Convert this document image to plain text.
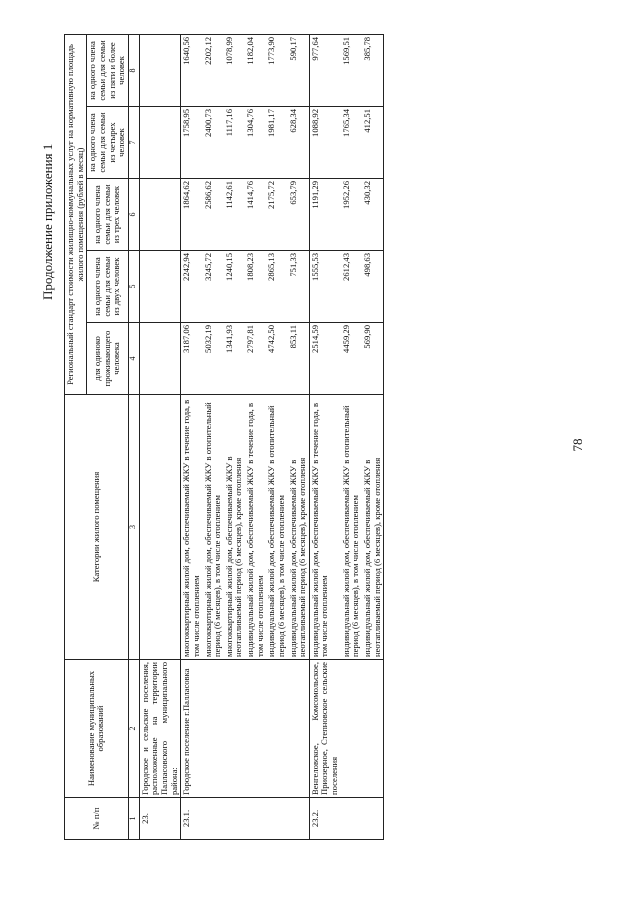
Продолжение приложения 1
№ п/п	Наименование муниципальных образований	Категории жилого помещения	Региональный стандарт стоимости жилищно-коммунальных услуг на нормативную площадь жилого помещения (рублей в месяц)				
			для одиноко проживающего человека	на одного члена семьи для семьи из двух человек	на одного члена семьи для семьи из трех человек	на одного члена семьи для семьи из четырех человек	на одного члена семьи для семьи из пяти и более человек
1	2	3	4	5	6	7	8
23.	Городское и сельские поселения, расположенные на территории Палласовского муниципального района:						
23.1.	Городское поселение г.Палласовка	многоквартирный жилой дом, обеспечиваемый ЖКУ в течение года, в том числе отоплением	3187,06	2242,94	1864,62	1758,95	1640,56
		многоквартирный жилой дом, обеспечиваемый ЖКУ в отопительный период (6 месяцев), в том числе отоплением	5032,19	3245,72	2586,62	2400,73	2202,12
		многоквартирный жилой дом, обеспечиваемый ЖКУ в неотапливаемый период (6 месяцев), кроме отопления	1341,93	1240,15	1142,61	1117,16	1078,99
		индивидуальный жилой дом, обеспечиваемый ЖКУ в течение года, в том числе отоплением	2797,81	1808,23	1414,76	1304,76	1182,04
		индивидуальный жилой дом, обеспечиваемый ЖКУ в отопительный период (6 месяцев), в том числе отоплением	4742,50	2865,13	2175,72	1981,17	1773,90
		индивидуальный жилой дом, обеспечиваемый ЖКУ в неотапливаемый период (6 месяцев), кроме отопления	853,11	751,33	653,79	628,34	590,17
23.2.	Венгеловское, Комсомольское, Приозерное, Степновское сельские поселения	индивидуальный жилой дом, обеспечиваемый ЖКУ в течение года, в том числе отоплением	2514,59	1555,53	1191,29	1088,92	977,64
		индивидуальный жилой дом, обеспечиваемый ЖКУ в отопительный период (6 месяцев), в том числе отоплением	4459,29	2612,43	1952,26	1765,34	1569,51
		индивидуальный жилой дом, обеспечиваемый ЖКУ в неотапливаемый период (6 месяцев), кроме отопления	569,90	498,63	430,32	412,51	385,78
78
